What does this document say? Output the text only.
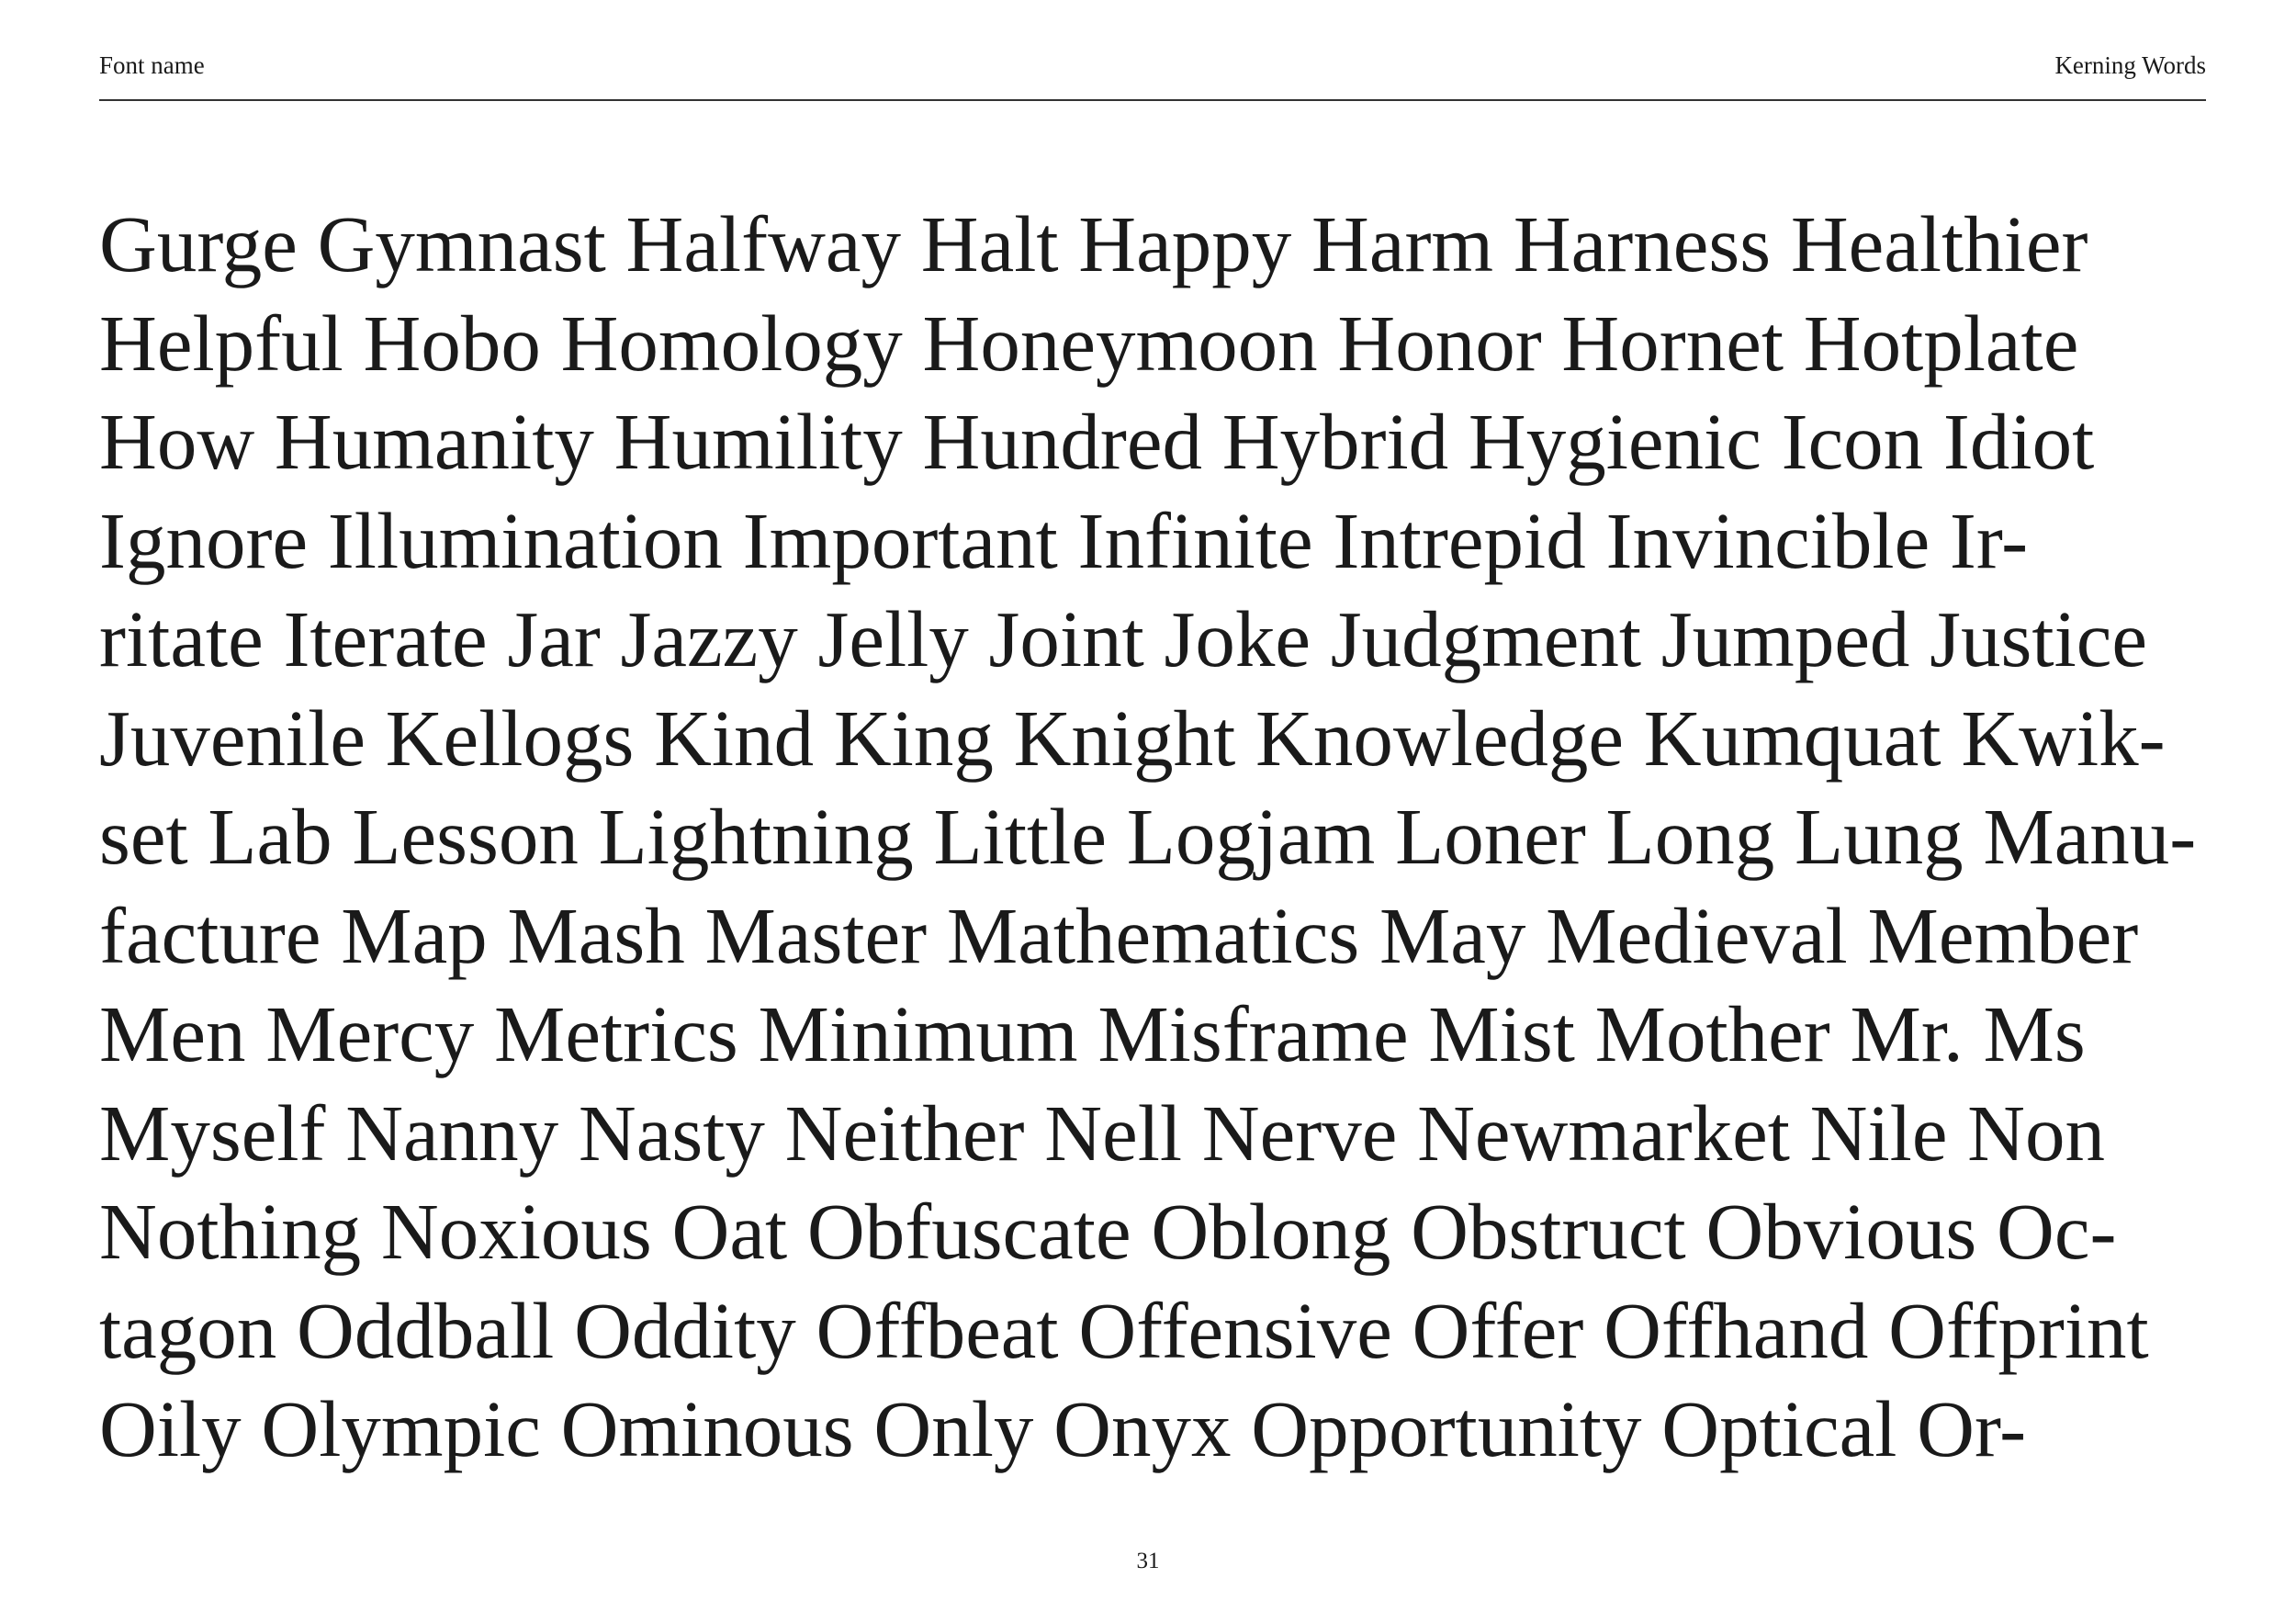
Font name	Kerning Words
Gurge Gymnast Halfway Halt Happy Harm Harness Healthier
Helpful Hobo Homology Honeymoon Honor Hornet Hotplate
How Humanity Humility Hundred Hybrid Hygienic Icon Idiot
Ignore Illumination Important Infinite Intrepid Invincible Ir-
ritate Iterate Jar Jazzy Jelly Joint Joke Judgment Jumped Justice
Juvenile Kellogs Kind King Knight Knowledge Kumquat Kwik-
set Lab Lesson Lightning Little Logjam Loner Long Lung Manu-
facture Map Mash Master Mathematics May Medieval Member
Men Mercy Metrics Minimum Misframe Mist Mother Mr. Ms
Myself Nanny Nasty Neither Nell Nerve Newmarket Nile Non
Nothing Noxious Oat Obfuscate Oblong Obstruct Obvious Oc-
tagon Oddball Oddity Offbeat Offensive Offer Offhand Offprint
Oily Olympic Ominous Only Onyx Opportunity Optical Or-
31
